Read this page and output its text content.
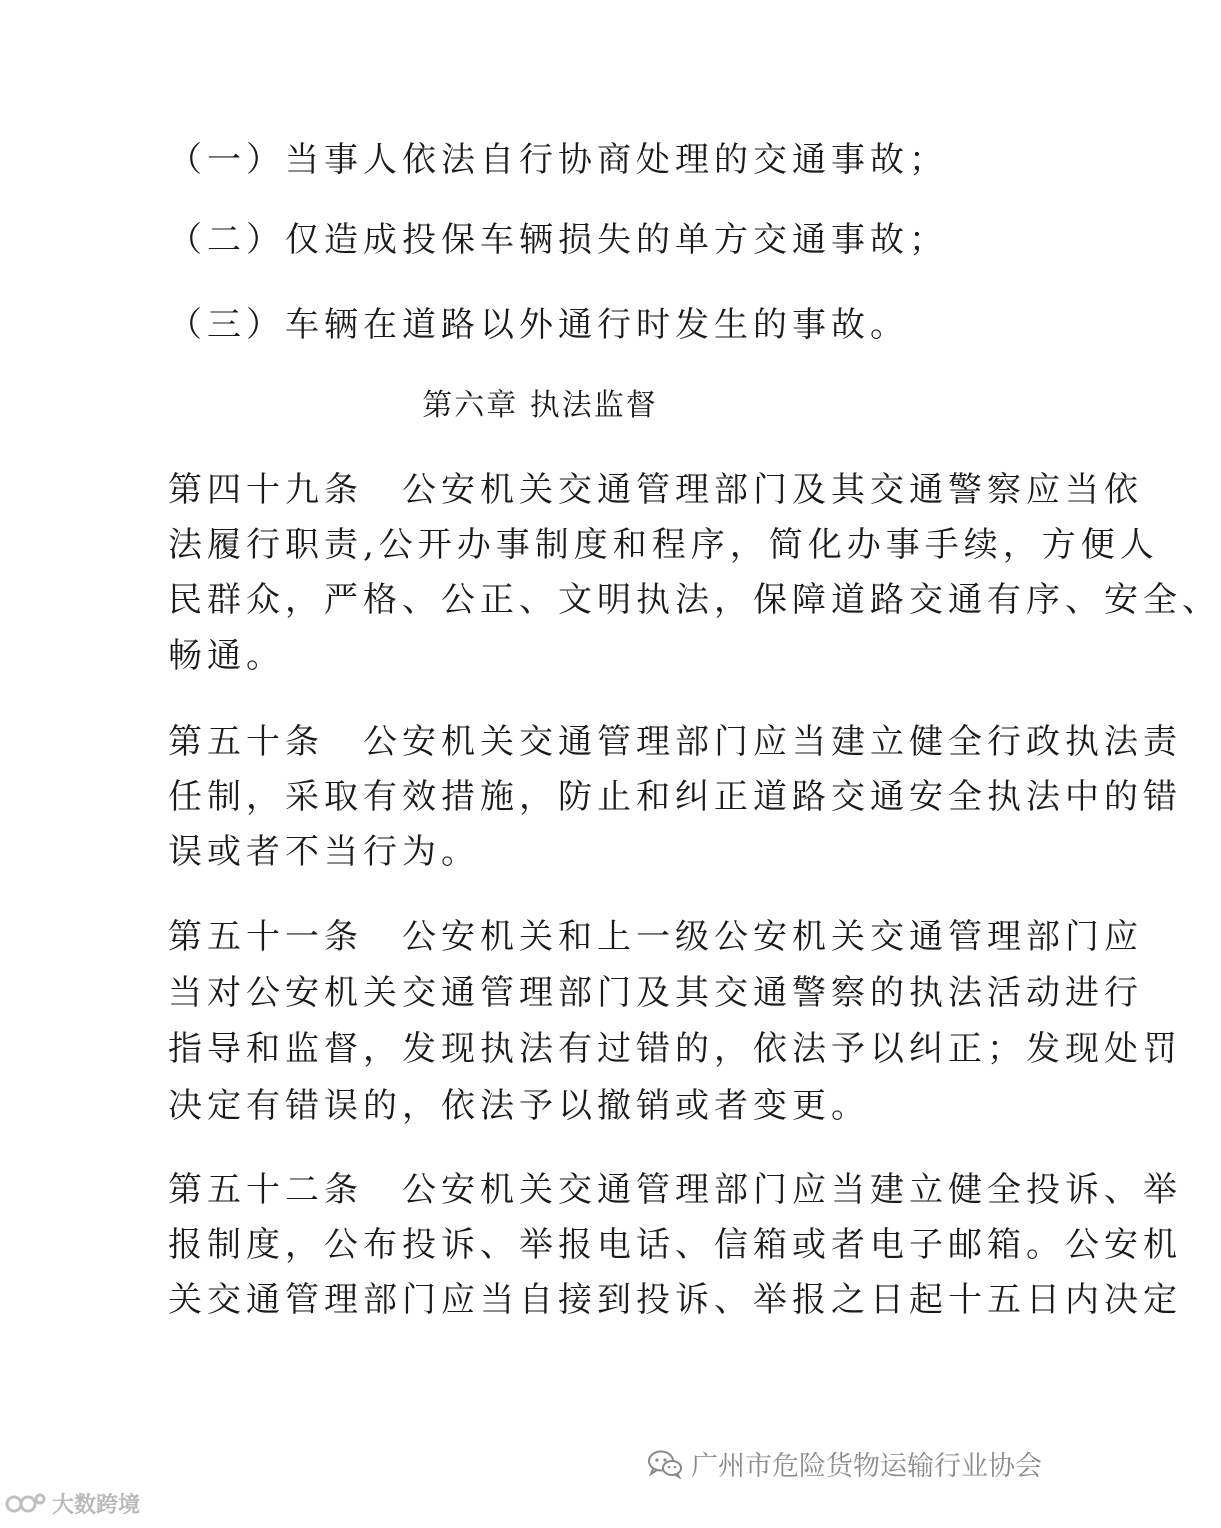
（一）当事人依法自行协商处理的交通事故；
（二）仅造成投保车辆损失的单方交通事故；
（三）车辆在道路以外通行时发生的事故。
第六章 执法监督
第四十九条　公安机关交通管理部门及其交通警察应当依
法履行职责,公开办事制度和程序，简化办事手续，方便人
民群众，严格、公正、文明执法，保障道路交通有序、安全、
畅通。
第五十条　公安机关交通管理部门应当建立健全行政执法责
任制，采取有效措施，防止和纠正道路交通安全执法中的错
误或者不当行为。
第五十一条　公安机关和上一级公安机关交通管理部门应
当对公安机关交通管理部门及其交通警察的执法活动进行
指导和监督，发现执法有过错的，依法予以纠正；发现处罚
决定有错误的，依法予以撤销或者变更。
第五十二条　公安机关交通管理部门应当建立健全投诉、举
报制度，公布投诉、举报电话、信箱或者电子邮箱。公安机
关交通管理部门应当自接到投诉、举报之日起十五日内决定
广州市危险货物运输行业协会
大数跨境
